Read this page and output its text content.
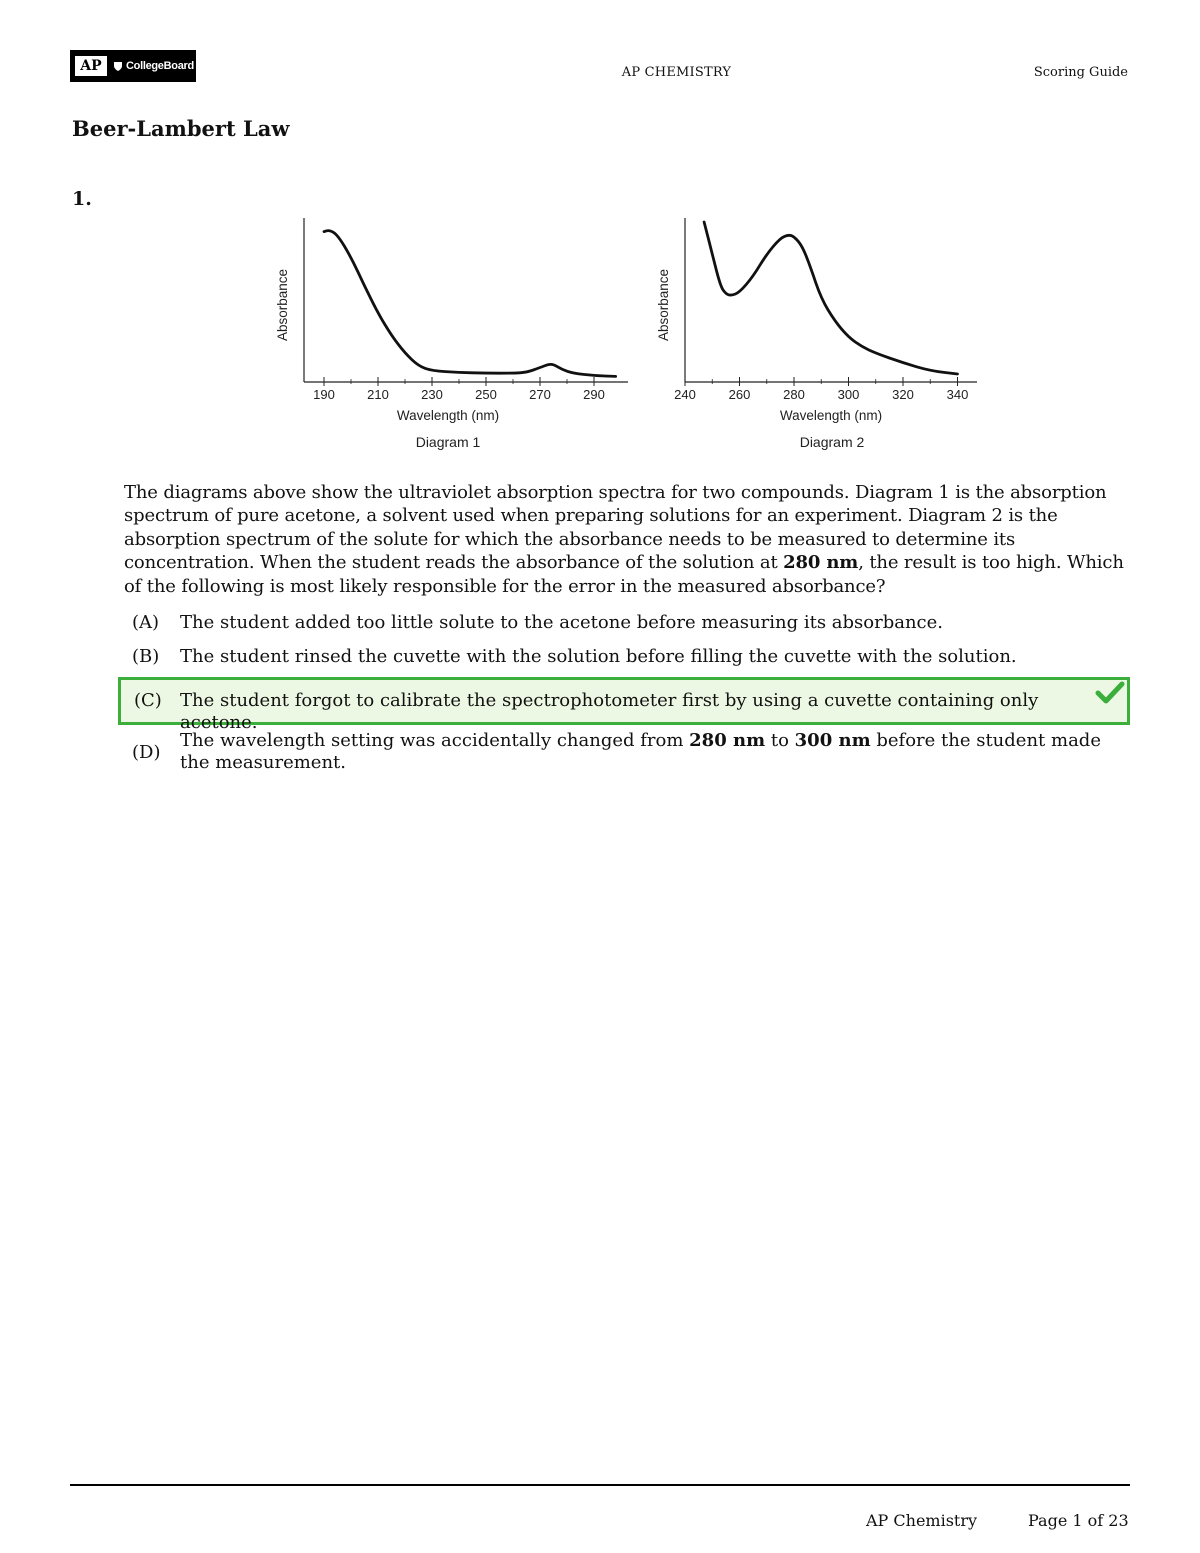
AP	CollegeBoard	AP CHEMISTRY	Scoring Guide
Beer-Lambert Law
1.
190 210 230 250 270 290
Wavelength (nm)
Absorbance
Diagram 1
240	260	280	300	320	340
Wavelength (nm)
Absorbance
Diagram 2
The diagrams above show the ultraviolet absorption spectra for two compounds. Diagram 1 is the absorption spectrum of pure acetone, a solvent used when preparing solutions for an experiment. Diagram 2 is the absorption spectrum of the solute for which the absorbance needs to be measured to determine its concentration. When the student reads the absorbance of the solution at 280 nm, the result is too high. Which of the following is most likely responsible for the error in the measured absorbance?
(A) The student added too little solute to the acetone before measuring its absorbance.
(B) The student rinsed the cuvette with the solution before filling the cuvette with the solution.
(C) The student forgot to calibrate the spectrophotometer first by using a cuvette containing only acetone.
(D)
The wavelength setting was accidentally changed from 280 nm to 300 nm before the student made the measurement.
AP Chemistry	Page 1 of 23
